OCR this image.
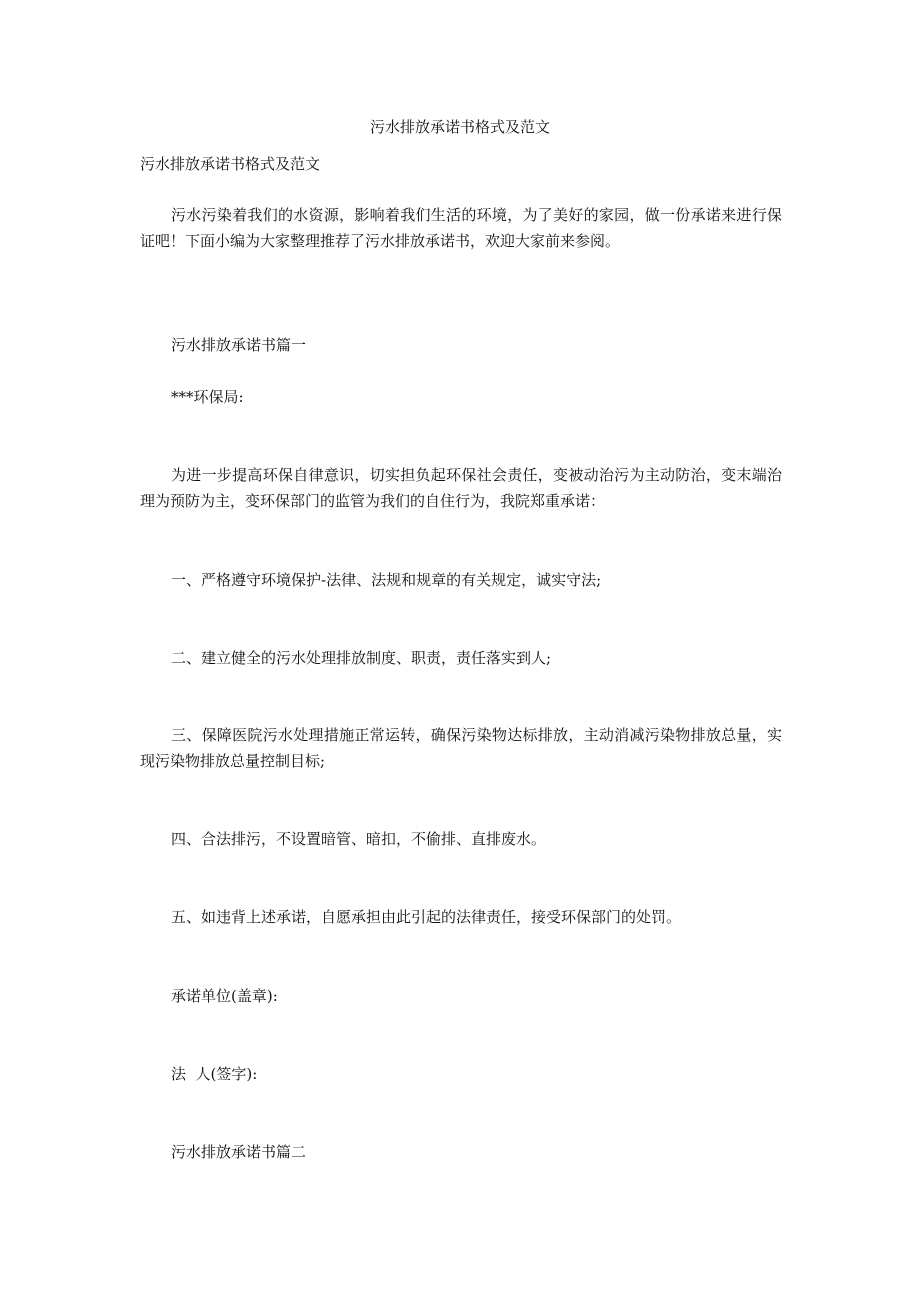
污水排放承诺书格式及范文

污水排放承诺书格式及范文

污水污染着我们的水资源，影响着我们生活的环境，为了美好的家园，做一份承诺来进行保证吧！下面小编为大家整理推荐了污水排放承诺书，欢迎大家前来参阅。

污水排放承诺书篇一

***环保局:

为进一步提高环保自律意识，切实担负起环保社会责任，变被动治污为主动防治，变末端治理为预防为主，变环保部门的监管为我们的自住行为，我院郑重承诺：

一、严格遵守环境保护-法律、法规和规章的有关规定，诚实守法;

二、建立健全的污水处理排放制度、职责，责任落实到人;

三、保障医院污水处理措施正常运转，确保污染物达标排放，主动消减污染物排放总量，实现污染物排放总量控制目标;

四、合法排污，不设置暗管、暗扣，不偷排、直排废水。

五、如违背上述承诺，自愿承担由此引起的法律责任，接受环保部门的处罚。

承诺单位(盖章):

法  人(签字):

污水排放承诺书篇二
